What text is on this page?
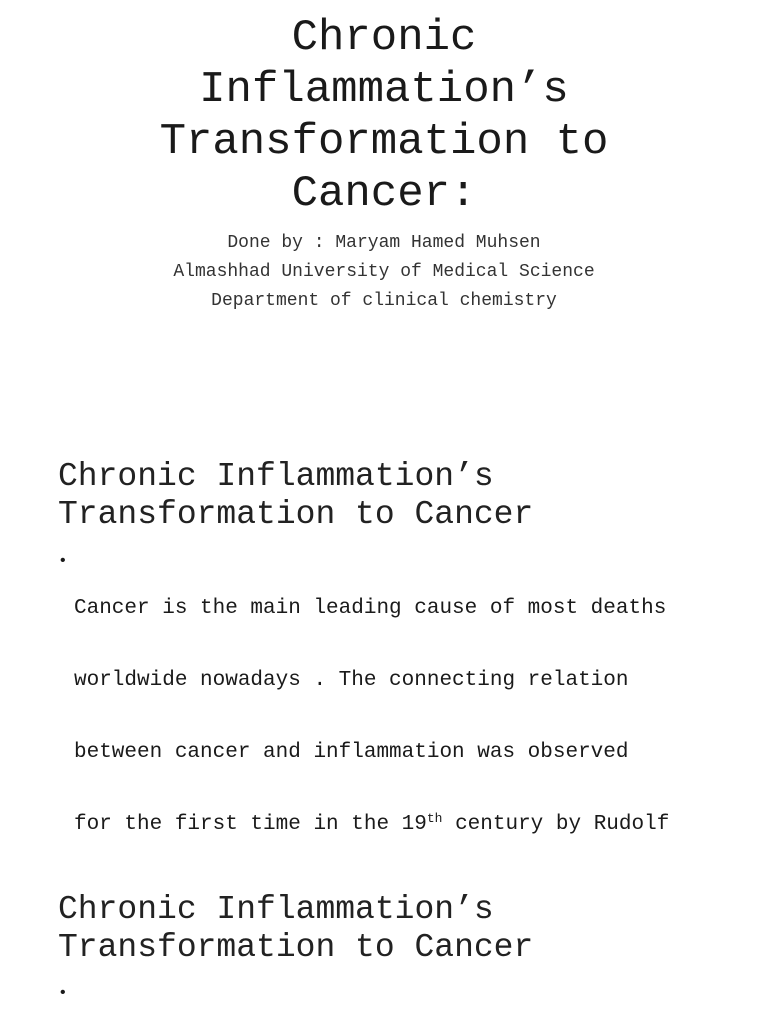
Chronic
Inflammation’s
Transformation to
Cancer:
Done by : Maryam Hamed Muhsen
Almashhad University of Medical Science
Department of clinical chemistry
Chronic Inflammation’s
Transformation to Cancer
•

Cancer is the main leading cause of most deaths

worldwide nowadays . The connecting relation

between cancer and inflammation was observed

for the first time in the 19th century by Rudolf

Chronic Inflammation’s
Transformation to Cancer
•
